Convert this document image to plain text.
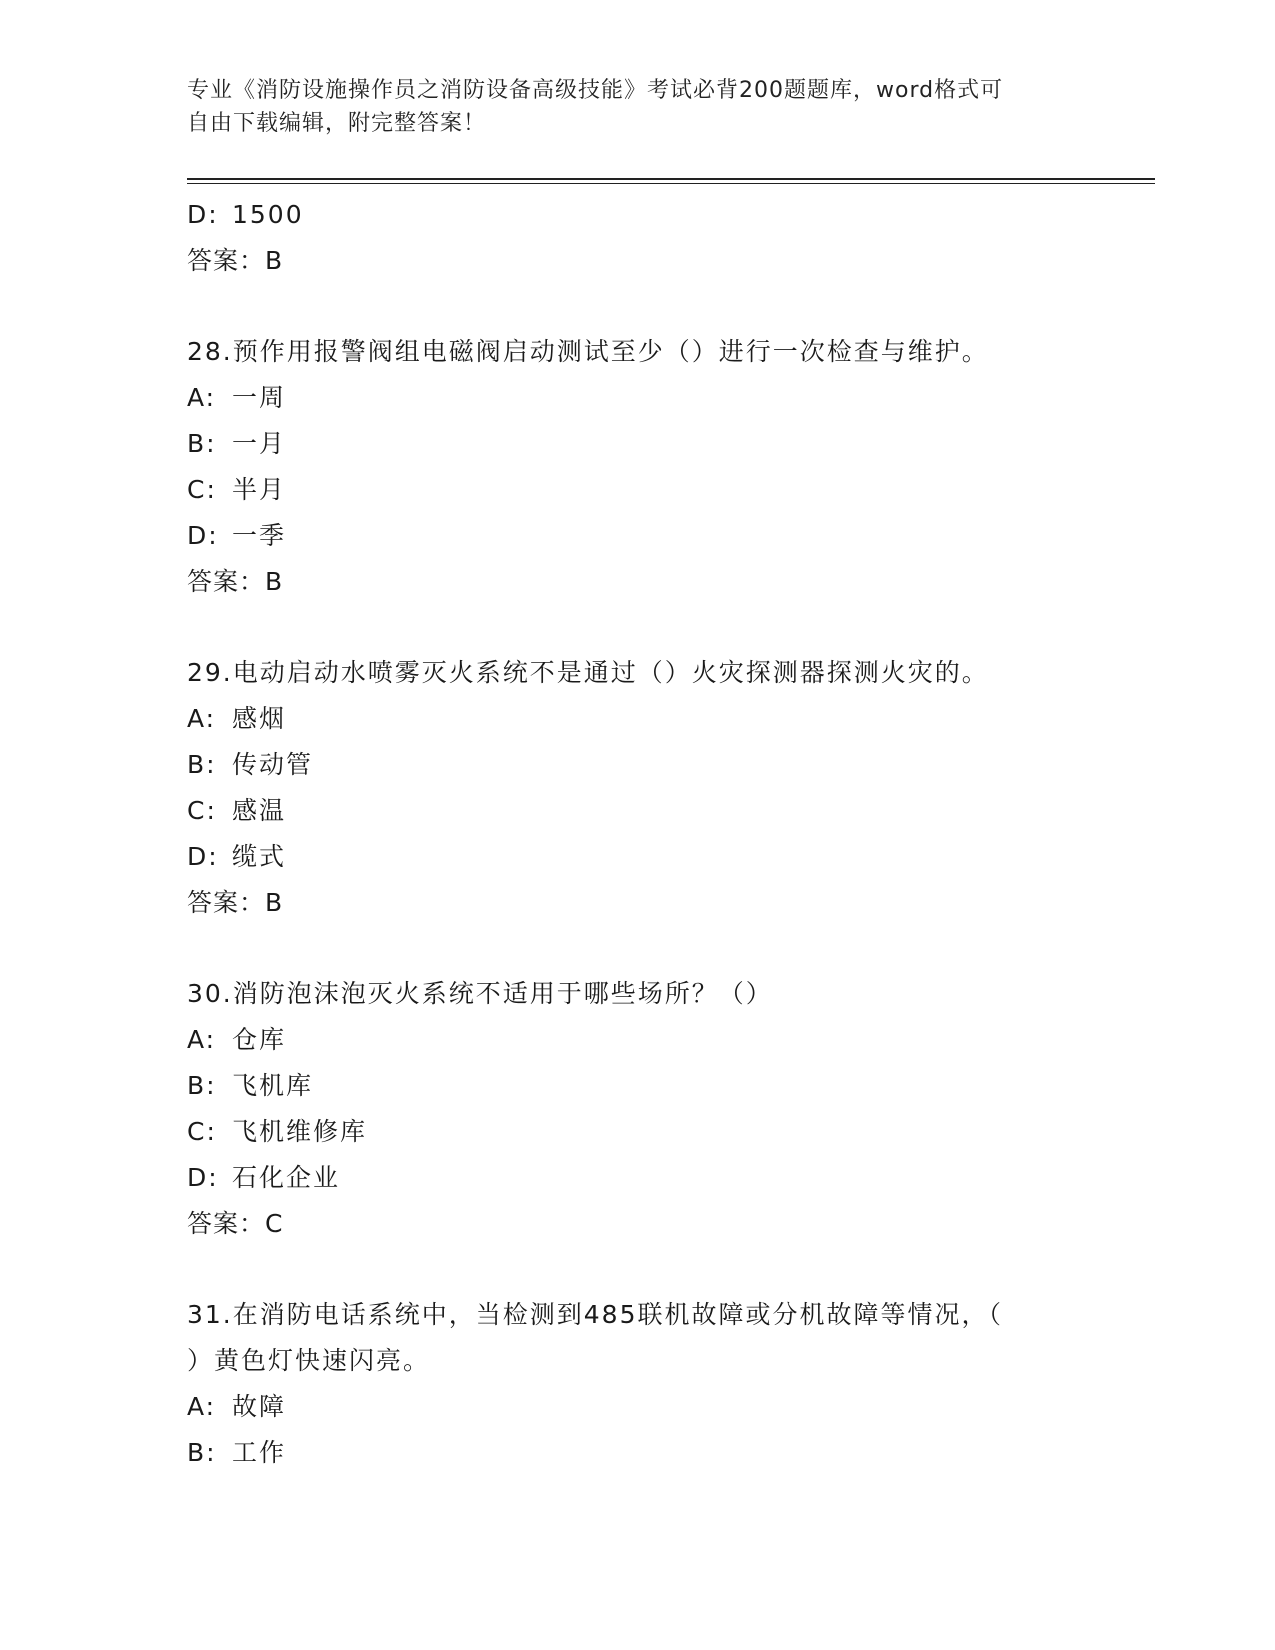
专业《消防设施操作员之消防设备高级技能》考试必背200题题库，word格式可
自由下载编辑，附完整答案！
D: 1500
答案：B
28.预作用报警阀组电磁阀启动测试至少（）进行一次检查与维护。
A: 一周
B: 一月
C: 半月
D: 一季
答案：B
29.电动启动水喷雾灭火系统不是通过（）火灾探测器探测火灾的。
A: 感烟
B: 传动管
C: 感温
D: 缆式
答案：B
30.消防泡沫泡灭火系统不适用于哪些场所？（）
A: 仓库
B: 飞机库
C: 飞机维修库
D: 石化企业
答案：C
31.在消防电话系统中，当检测到485联机故障或分机故障等情况，（
）黄色灯快速闪亮。
A: 故障
B: 工作
